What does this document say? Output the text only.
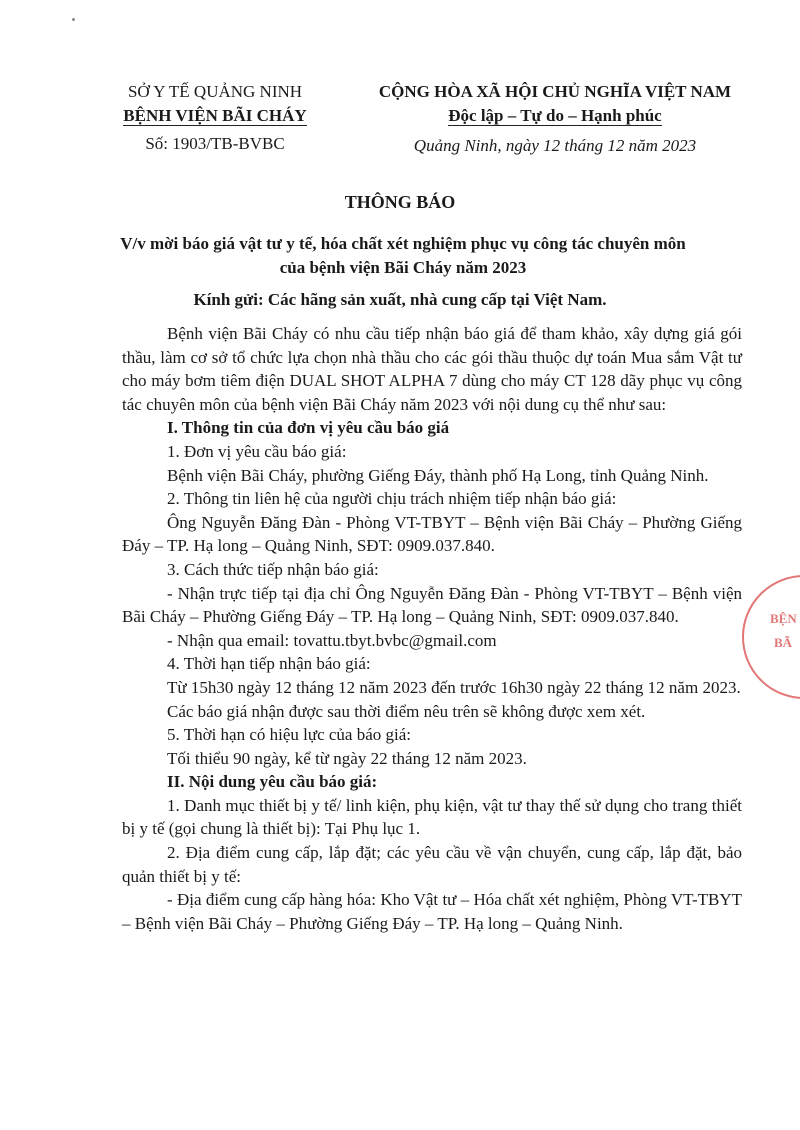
SỞ Y TẾ QUẢNG NINH
BỆNH VIỆN BÃI CHÁY
Số: 1903/TB-BVBC
CỘNG HÒA XÃ HỘI CHỦ NGHĨA VIỆT NAM
Độc lập – Tự do – Hạnh phúc
Quảng Ninh, ngày 12 tháng 12 năm 2023
THÔNG BÁO
V/v mời báo giá vật tư y tế, hóa chất xét nghiệm phục vụ công tác chuyên môn của bệnh viện Bãi Cháy năm 2023
Kính gửi: Các hãng sản xuất, nhà cung cấp tại Việt Nam.

Bệnh viện Bãi Cháy có nhu cầu tiếp nhận báo giá để tham khảo, xây dựng giá gói thầu, làm cơ sở tổ chức lựa chọn nhà thầu cho các gói thầu thuộc dự toán Mua sắm Vật tư cho máy bơm tiêm điện DUAL SHOT ALPHA 7 dùng cho máy CT 128 dãy phục vụ công tác chuyên môn của bệnh viện Bãi Cháy năm 2023 với nội dung cụ thể như sau:

I. Thông tin của đơn vị yêu cầu báo giá

1. Đơn vị yêu cầu báo giá:

Bệnh viện Bãi Cháy, phường Giếng Đáy, thành phố Hạ Long, tỉnh Quảng Ninh.

2. Thông tin liên hệ của người chịu trách nhiệm tiếp nhận báo giá:

Ông Nguyễn Đăng Đàn - Phòng VT-TBYT – Bệnh viện Bãi Cháy – Phường Giếng Đáy – TP. Hạ long – Quảng Ninh, SĐT: 0909.037.840.

3. Cách thức tiếp nhận báo giá:

- Nhận trực tiếp tại địa chỉ Ông Nguyễn Đăng Đàn - Phòng VT-TBYT – Bệnh viện Bãi Cháy – Phường Giếng Đáy – TP. Hạ long – Quảng Ninh, SĐT: 0909.037.840.

- Nhận qua email: tovattu.tbyt.bvbc@gmail.com

4. Thời hạn tiếp nhận báo giá:

Từ 15h30 ngày 12 tháng 12 năm 2023 đến trước 16h30 ngày 22 tháng 12 năm 2023.

Các báo giá nhận được sau thời điểm nêu trên sẽ không được xem xét.

5. Thời hạn có hiệu lực của báo giá:

Tối thiểu 90 ngày, kể từ ngày 22 tháng 12 năm 2023.

II. Nội dung yêu cầu báo giá:

1. Danh mục thiết bị y tế/ linh kiện, phụ kiện, vật tư thay thế sử dụng cho trang thiết bị y tế (gọi chung là thiết bị): Tại Phụ lục 1.

2. Địa điểm cung cấp, lắp đặt; các yêu cầu về vận chuyển, cung cấp, lắp đặt, bảo quản thiết bị y tế:

- Địa điểm cung cấp hàng hóa: Kho Vật tư – Hóa chất xét nghiệm, Phòng VT-TBYT – Bệnh viện Bãi Cháy – Phường Giếng Đáy – TP. Hạ long – Quảng Ninh.

BỆN
BÃ
